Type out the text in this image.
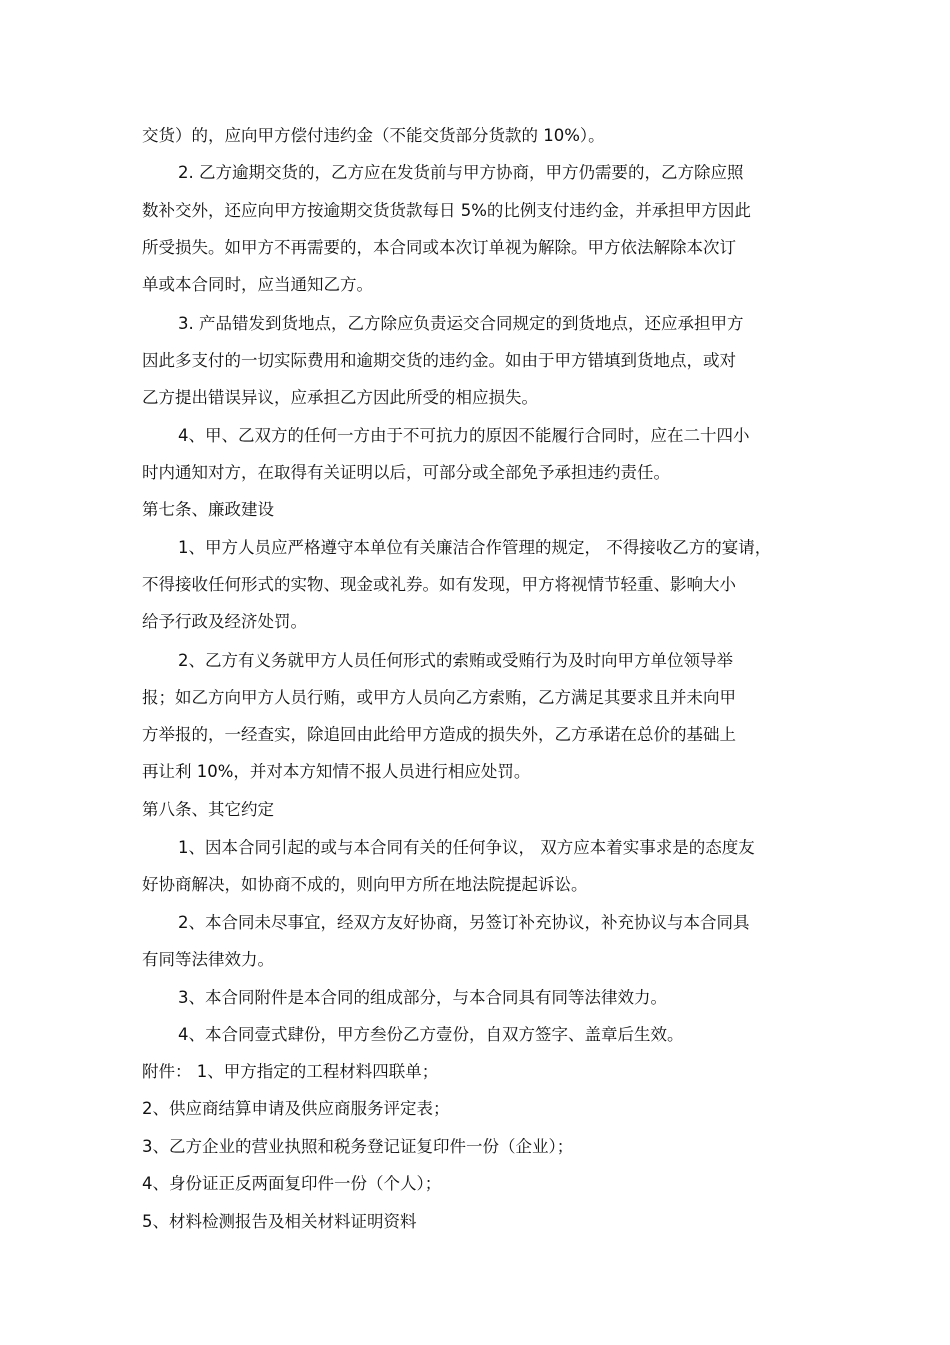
交货）的，应向甲方偿付违约金（不能交货部分货款的 10%）。
2. 乙方逾期交货的，乙方应在发货前与甲方协商，甲方仍需要的，乙方除应照
数补交外，还应向甲方按逾期交货货款每日 5%的比例支付违约金，并承担甲方因此
所受损失。如甲方不再需要的，本合同或本次订单视为解除。甲方依法解除本次订
单或本合同时，应当通知乙方。
3. 产品错发到货地点，乙方除应负责运交合同规定的到货地点，还应承担甲方
因此多支付的一切实际费用和逾期交货的违约金。如由于甲方错填到货地点，或对
乙方提出错误异议，应承担乙方因此所受的相应损失。
4、甲、乙双方的任何一方由于不可抗力的原因不能履行合同时，应在二十四小
时内通知对方，在取得有关证明以后，可部分或全部免予承担违约责任。
第七条、廉政建设
1、甲方人员应严格遵守本单位有关廉洁合作管理的规定， 不得接收乙方的宴请，
不得接收任何形式的实物、现金或礼券。如有发现，甲方将视情节轻重、影响大小
给予行政及经济处罚。
2、乙方有义务就甲方人员任何形式的索贿或受贿行为及时向甲方单位领导举
报；如乙方向甲方人员行贿，或甲方人员向乙方索贿，乙方满足其要求且并未向甲
方举报的，一经查实，除追回由此给甲方造成的损失外，乙方承诺在总价的基础上
再让利 10%，并对本方知情不报人员进行相应处罚。
第八条、其它约定
1、因本合同引起的或与本合同有关的任何争议， 双方应本着实事求是的态度友
好协商解决，如协商不成的，则向甲方所在地法院提起诉讼。
2、本合同未尽事宜，经双方友好协商，另签订补充协议，补充协议与本合同具
有同等法律效力。
3、本合同附件是本合同的组成部分，与本合同具有同等法律效力。
4、本合同壹式肆份，甲方叁份乙方壹份，自双方签字、盖章后生效。
附件： 1、甲方指定的工程材料四联单；
2、供应商结算申请及供应商服务评定表；
3、乙方企业的营业执照和税务登记证复印件一份（企业）；
4、身份证正反两面复印件一份（个人）；
5、材料检测报告及相关材料证明资料
